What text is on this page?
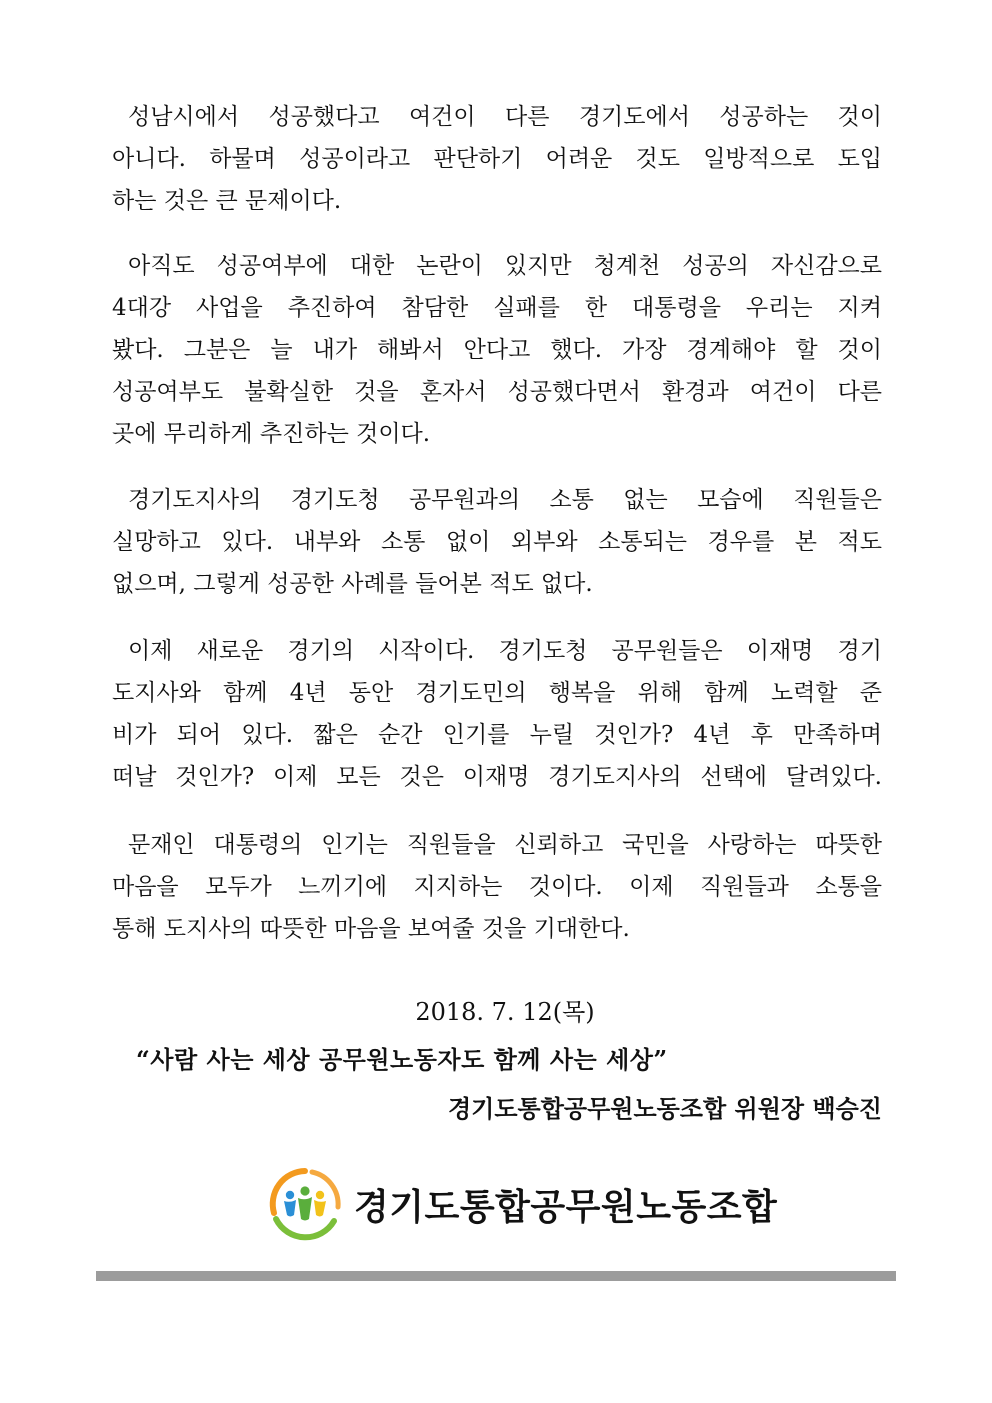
성남시에서 성공했다고 여건이 다른 경기도에서 성공하는 것이
아니다. 하물며 성공이라고 판단하기 어려운 것도 일방적으로 도입
하는 것은 큰 문제이다.
아직도 성공여부에 대한 논란이 있지만 청계천 성공의 자신감으로
4대강 사업을 추진하여 참담한 실패를 한 대통령을 우리는 지켜
봤다. 그분은 늘 내가 해봐서 안다고 했다. 가장 경계해야 할 것이
성공여부도 불확실한 것을 혼자서 성공했다면서 환경과 여건이 다른
곳에 무리하게 추진하는 것이다.
경기도지사의 경기도청 공무원과의 소통 없는 모습에 직원들은
실망하고 있다. 내부와 소통 없이 외부와 소통되는 경우를 본 적도
없으며, 그렇게 성공한 사례를 들어본 적도 없다.
이제 새로운 경기의 시작이다. 경기도청 공무원들은 이재명 경기
도지사와 함께 4년 동안 경기도민의 행복을 위해 함께 노력할 준
비가 되어 있다. 짧은 순간 인기를 누릴 것인가? 4년 후 만족하며
떠날 것인가? 이제 모든 것은 이재명 경기도지사의 선택에 달려있다.
문재인 대통령의 인기는 직원들을 신뢰하고 국민을 사랑하는 따뜻한
마음을 모두가 느끼기에 지지하는 것이다. 이제 직원들과 소통을
통해 도지사의 따뜻한 마음을 보여줄 것을 기대한다.
2018. 7. 12(목)
“사람 사는 세상 공무원노동자도 함께 사는 세상”
경기도통합공무원노동조합 위원장 백승진
경기도통합공무원노동조합
